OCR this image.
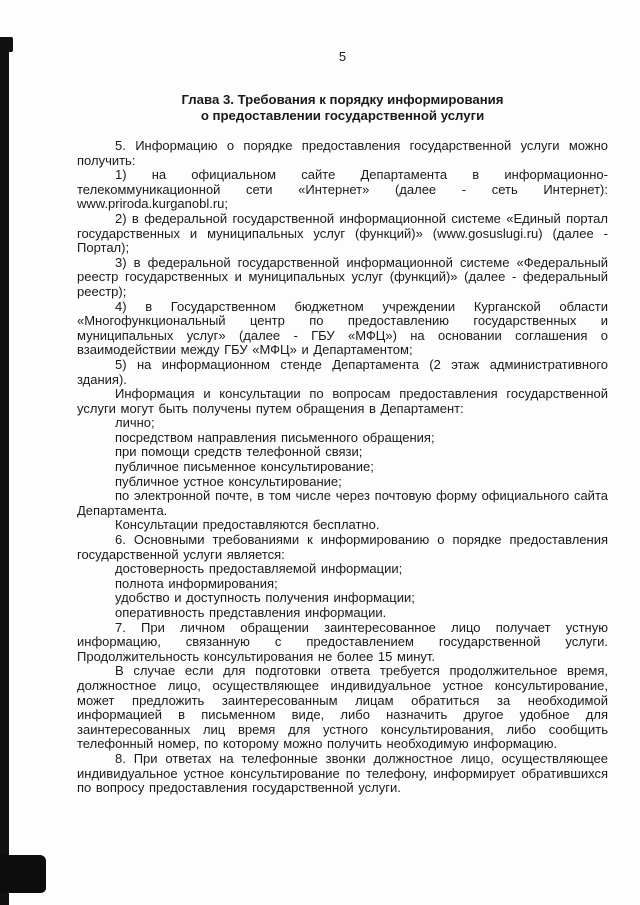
5
Глава 3. Требования к порядку информирования
о предоставлении государственной услуги

5. Информацию о порядке предоставления государственной услуги можно получить:

1) на официальном сайте Департамента в информационно-телекоммуникационной сети «Интернет» (далее - сеть Интернет): www.priroda.kurganobl.ru;

2) в федеральной государственной информационной системе «Единый портал государственных и муниципальных услуг (функций)» (www.gosuslugi.ru) (далее - Портал);

3) в федеральной государственной информационной системе «Федеральный реестр государственных и муниципальных услуг (функций)» (далее - федеральный реестр);

4) в Государственном бюджетном учреждении Курганской области «Многофункциональный центр по предоставлению государственных и муниципальных услуг» (далее - ГБУ «МФЦ») на основании соглашения о взаимодействии между ГБУ «МФЦ» и Департаментом;

5) на информационном стенде Департамента (2 этаж административного здания).

Информация и консультации по вопросам предоставления государственной услуги могут быть получены путем обращения в Департамент:

лично;

посредством направления письменного обращения;

при помощи средств телефонной связи;

публичное письменное консультирование;

публичное устное консультирование;

по электронной почте, в том числе через почтовую форму официального сайта Департамента.

Консультации предоставляются бесплатно.

6. Основными требованиями к информированию о порядке предоставления государственной услуги является:

достоверность предоставляемой информации;

полнота информирования;

удобство и доступность получения информации;

оперативность представления информации.

7. При личном обращении заинтересованное лицо получает устную информацию, связанную с предоставлением государственной услуги. Продолжительность консультирования не более 15 минут.

В случае если для подготовки ответа требуется продолжительное время, должностное лицо, осуществляющее индивидуальное устное консультирование, может предложить заинтересованным лицам обратиться за необходимой информацией в письменном виде, либо назначить другое удобное для заинтересованных лиц время для устного консультирования, либо сообщить телефонный номер, по которому можно получить необходимую информацию.

8. При ответах на телефонные звонки должностное лицо, осуществляющее индивидуальное устное консультирование по телефону, информирует обратившихся по вопросу предоставления государственной услуги.
